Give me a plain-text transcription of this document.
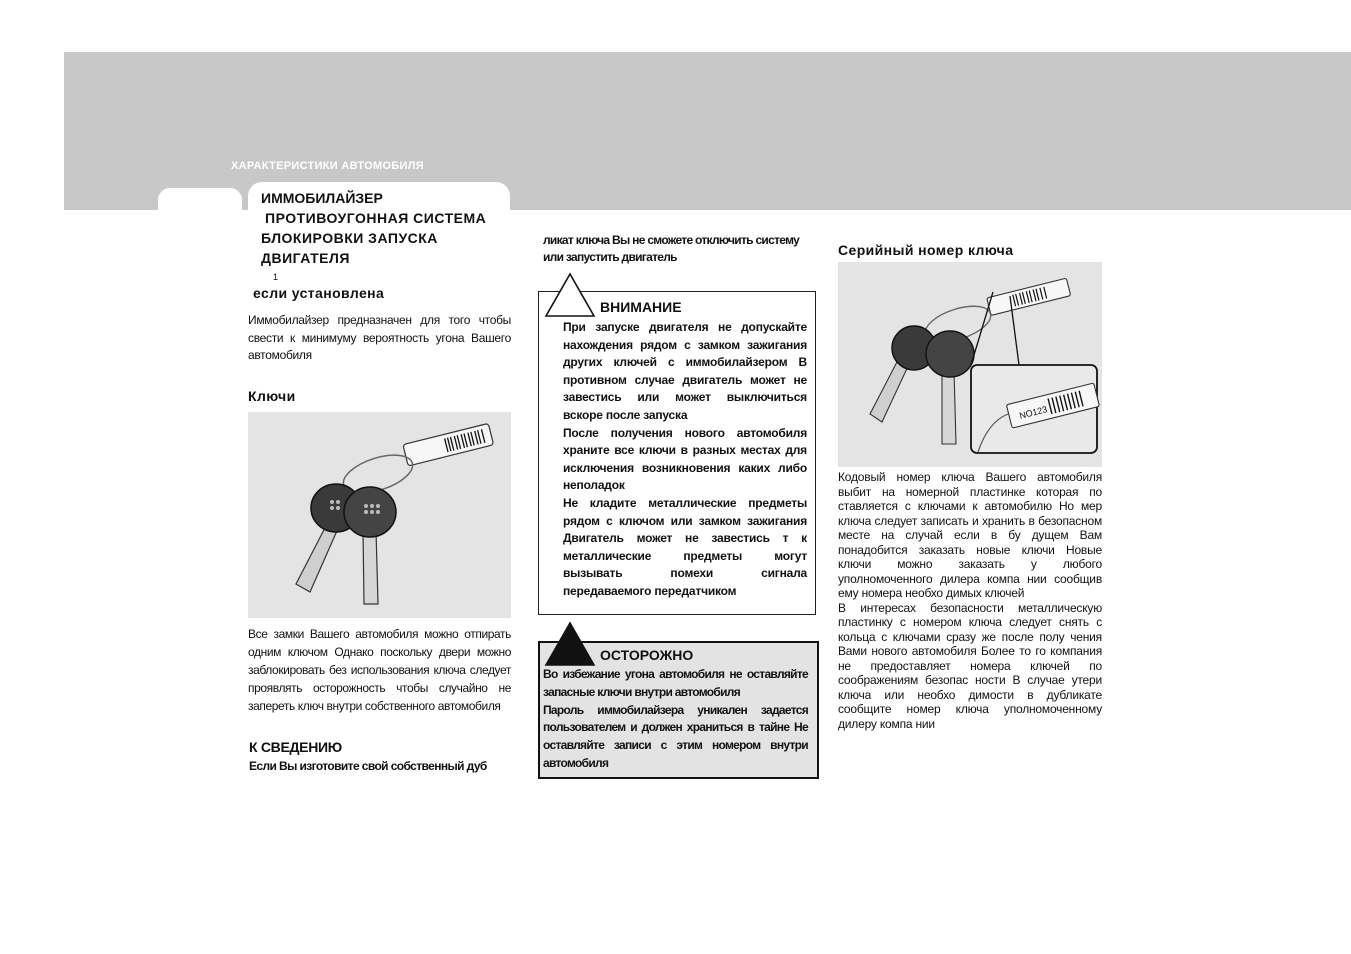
ХАРАКТЕРИСТИКИ АВТОМОБИЛЯ
ИММОБИЛАЙЗЕР
ПРОТИВОУГОННАЯ СИСТЕМА
БЛОКИРОВКИ ЗАПУСКА
ДВИГАТЕЛЯ
1
если установлена
Иммобилайзер предназначен для того чтобы свести к минимуму вероятность угона Вашего автомобиля
Ключи
Все замки Вашего автомобиля можно отпирать одним ключом Однако поскольку двери можно заблокировать без использования ключа следует проявлять осторожность чтобы случайно не запереть ключ внутри собственного автомобиля
К СВЕДЕНИЮ
Если Вы изготовите свой собственный дуб
ликат ключа Вы не сможете отключить систему или запустить двигатель
ВНИМАНИЕ

При запуске двигателя не допускайте нахождения рядом с замком зажигания других ключей с иммобилайзером В противном случае двигатель может не завестись или может выключиться вскоре после запуска

После получения нового автомобиля храните все ключи в разных местах для исключения возникновения каких либо неполадок

Не кладите металлические предметы рядом с ключом или замком зажигания Двигатель может не завестись т к металлические предметы могут вызывать помехи сигнала передаваемого передатчиком

ОСТОРОЖНО

Во избежание угона автомобиля не оставляйте запасные ключи внутри автомобиля

Пароль иммобилайзера уникален задается пользователем и должен храниться в тайне Не оставляйте записи с этим номером внутри автомобиля

Серийный номер ключа
NO123

Кодовый номер ключа Вашего автомобиля выбит на номерной пластинке которая по ставляется с ключами к автомобилю Но мер ключа следует записать и хранить в безопасном месте на случай если в бу дущем Вам понадобится заказать новые ключи Новые ключи можно заказать у любого уполномоченного дилера компа нии сообщив ему номера необхо димых ключей

В интересах безопасности металлическую пластинку с номером ключа следует снять с кольца с ключами сразу же после полу чения Вами нового автомобиля Более то го компания не предоставляет номера ключей по соображениям безопас ности В случае утери ключа или необхо димости в дубликате сообщите номер ключа уполномоченному дилеру компа нии
